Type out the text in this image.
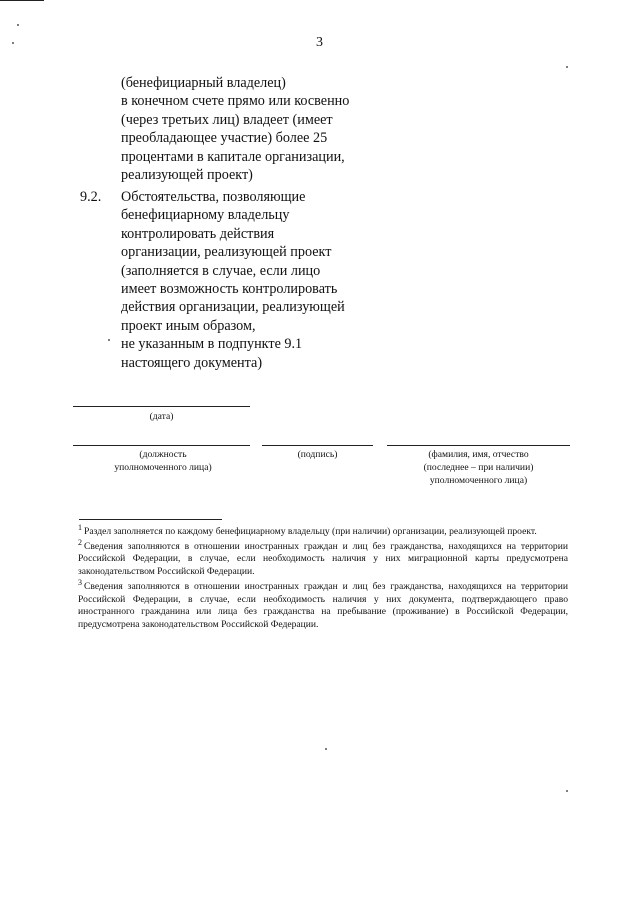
3
(бенефициарный владелец)
в конечном счете прямо или косвенно
(через третьих лиц) владеет (имеет
преобладающее участие) более 25
процентами в капитале организации,
реализующей проект)
9.2. Обстоятельства, позволяющие
бенефициарному владельцу
контролировать действия
организации, реализующей проект
(заполняется в случае, если лицо
имеет возможность контролировать
действия организации, реализующей
проект иным образом,
не указанным в подпункте 9.1
настоящего документа)
(дата)
(должность
уполномоченного лица)
(подпись)	(фамилия, имя, отчество
(последнее – при наличии)
уполномоченного лица)

$^1$ Раздел заполняется по каждому бенефициарному владельцу (при наличии) организации, реализующей проект.

$^2$ Сведения заполняются в отношении иностранных граждан и лиц без гражданства, находящихся на территории Российской Федерации, в случае, если необходимость наличия у них миграционной карты предусмотрена законодательством Российской Федерации.

$^3$ Сведения заполняются в отношении иностранных граждан и лиц без гражданства, находящихся на территории Российской Федерации, в случае, если необходимость наличия у них документа, подтверждающего право иностранного гражданина или лица без гражданства на пребывание (проживание) в Российской Федерации, предусмотрена законодательством Российской Федерации.
